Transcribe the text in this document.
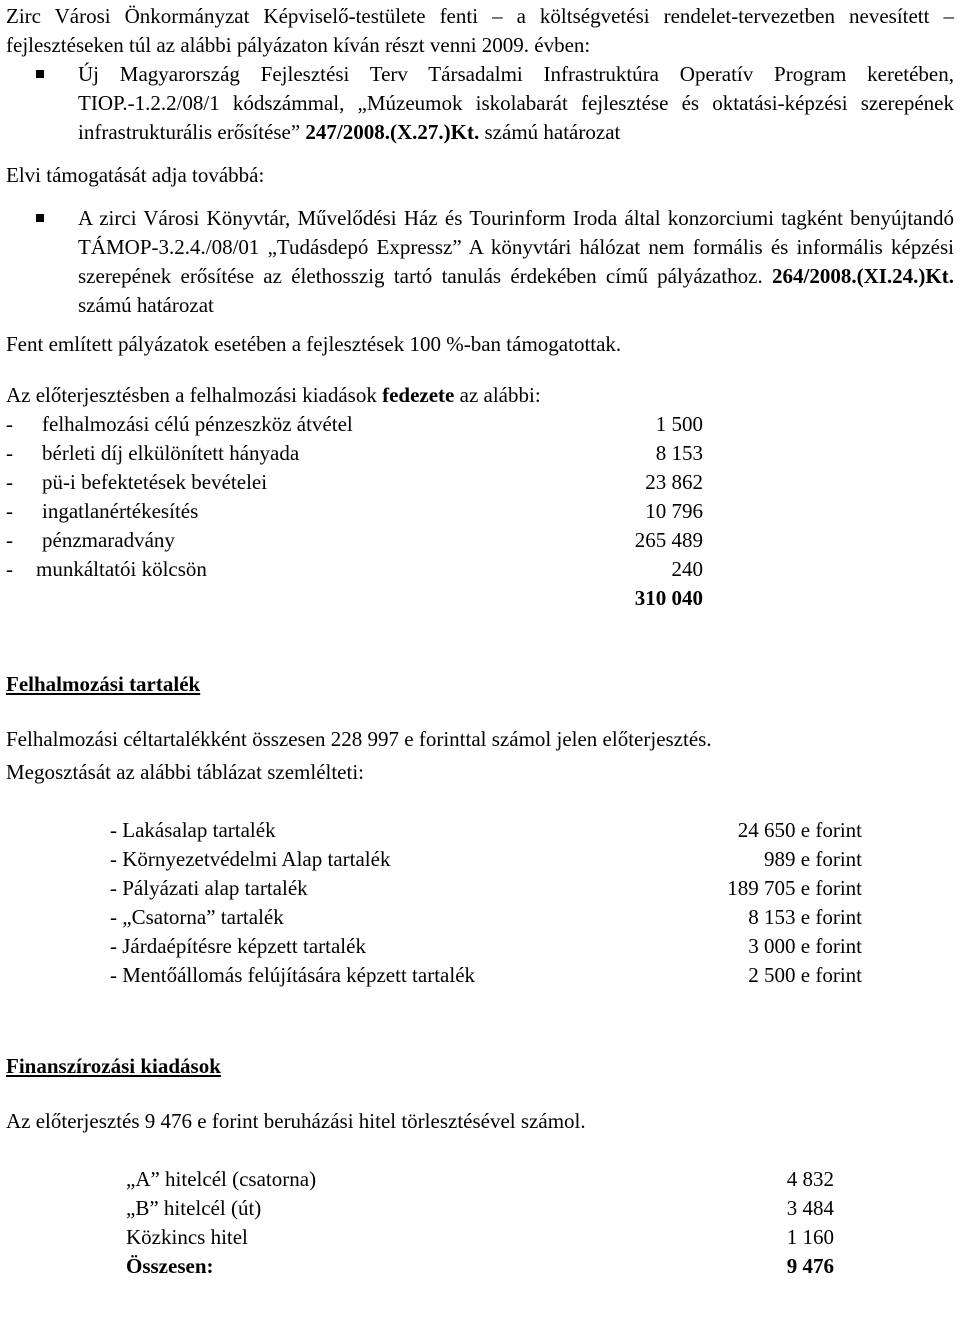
Zirc Városi Önkormányzat Képviselő-testülete fenti – a költségvetési rendelet-tervezetben nevesített – fejlesztéseken túl az alábbi pályázaton kíván részt venni 2009. évben:

Új Magyarország Fejlesztési Terv Társadalmi Infrastruktúra Operatív Program keretében, TIOP.-1.2.2/08/1 kódszámmal, „Múzeumok iskolabarát fejlesztése és oktatási-képzési szerepének infrastrukturális erősítése” 247/2008.(X.27.)Kt. számú határozat

Elvi támogatását adja továbbá:

A zirci Városi Könyvtár, Művelődési Ház és Tourinform Iroda által konzorciumi tagként benyújtandó TÁMOP-3.2.4./08/01 „Tudásdepó Expressz” A könyvtári hálózat nem formális és informális képzési szerepének erősítése az élethosszig tartó tanulás érdekében című pályázathoz. 264/2008.(XI.24.)Kt. számú határozat

Fent említett pályázatok esetében a fejlesztések 100 %-ban támogatottak.

Az előterjesztésben a felhalmozási kiadások fedezete az alábbi:

- felhalmozási célú pénzeszköz átvétel	1 500
- bérleti díj elkülönített hányada	8 153
- pü-i befektetések bevételei	23 862
- ingatlanértékesítés	10 796
- pénzmaradvány	265 489
- munkáltatói kölcsön	240
310 040

Felhalmozási tartalék

Felhalmozási céltartalékként összesen 228 997 e forinttal számol jelen előterjesztés.

Megosztását az alábbi táblázat szemlélteti:

- Lakásalap tartalék	24 650 e forint
- Környezetvédelmi Alap tartalék	989 e forint
- Pályázati alap tartalék	189 705 e forint
- „Csatorna” tartalék	8 153 e forint
- Járdaépítésre képzett tartalék	3 000 e forint
- Mentőállomás felújítására képzett tartalék	2 500 e forint

Finanszírozási kiadások

Az előterjesztés 9 476 e forint beruházási hitel törlesztésével számol.

„A” hitelcél (csatorna)	4 832
„B” hitelcél (út)	3 484
Közkincs hitel	1 160
Összesen:	9 476
